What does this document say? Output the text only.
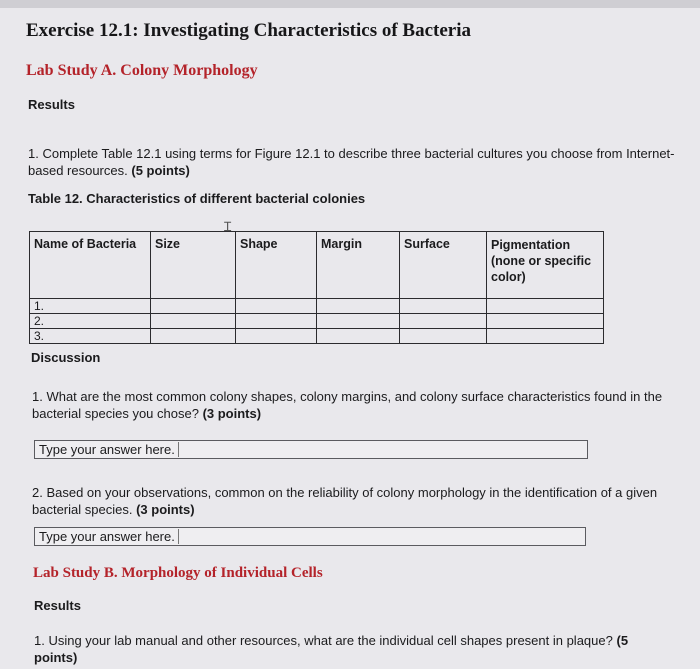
Exercise 12.1: Investigating Characteristics of Bacteria
Lab Study A. Colony Morphology
Results
1. Complete Table 12.1 using terms for Figure 12.1 to describe three bacterial cultures you choose from Internet-based resources. (5 points)
Table 12. Characteristics of different bacterial colonies
Ɪ
Name of Bacteria	Size	Shape	Margin	Surface	Pigmentation (none or specific color)
1.					
2.					
3.					
Discussion
1. What are the most common colony shapes, colony margins, and colony surface characteristics found in the bacterial species you chose? (3 points)
Type your answer here.
2. Based on your observations, common on the reliability of colony morphology in the identification of a given bacterial species. (3 points)
Type your answer here.
Lab Study B. Morphology of Individual Cells
Results
1. Using your lab manual and other resources, what are the individual cell shapes present in plaque? (5 points)
